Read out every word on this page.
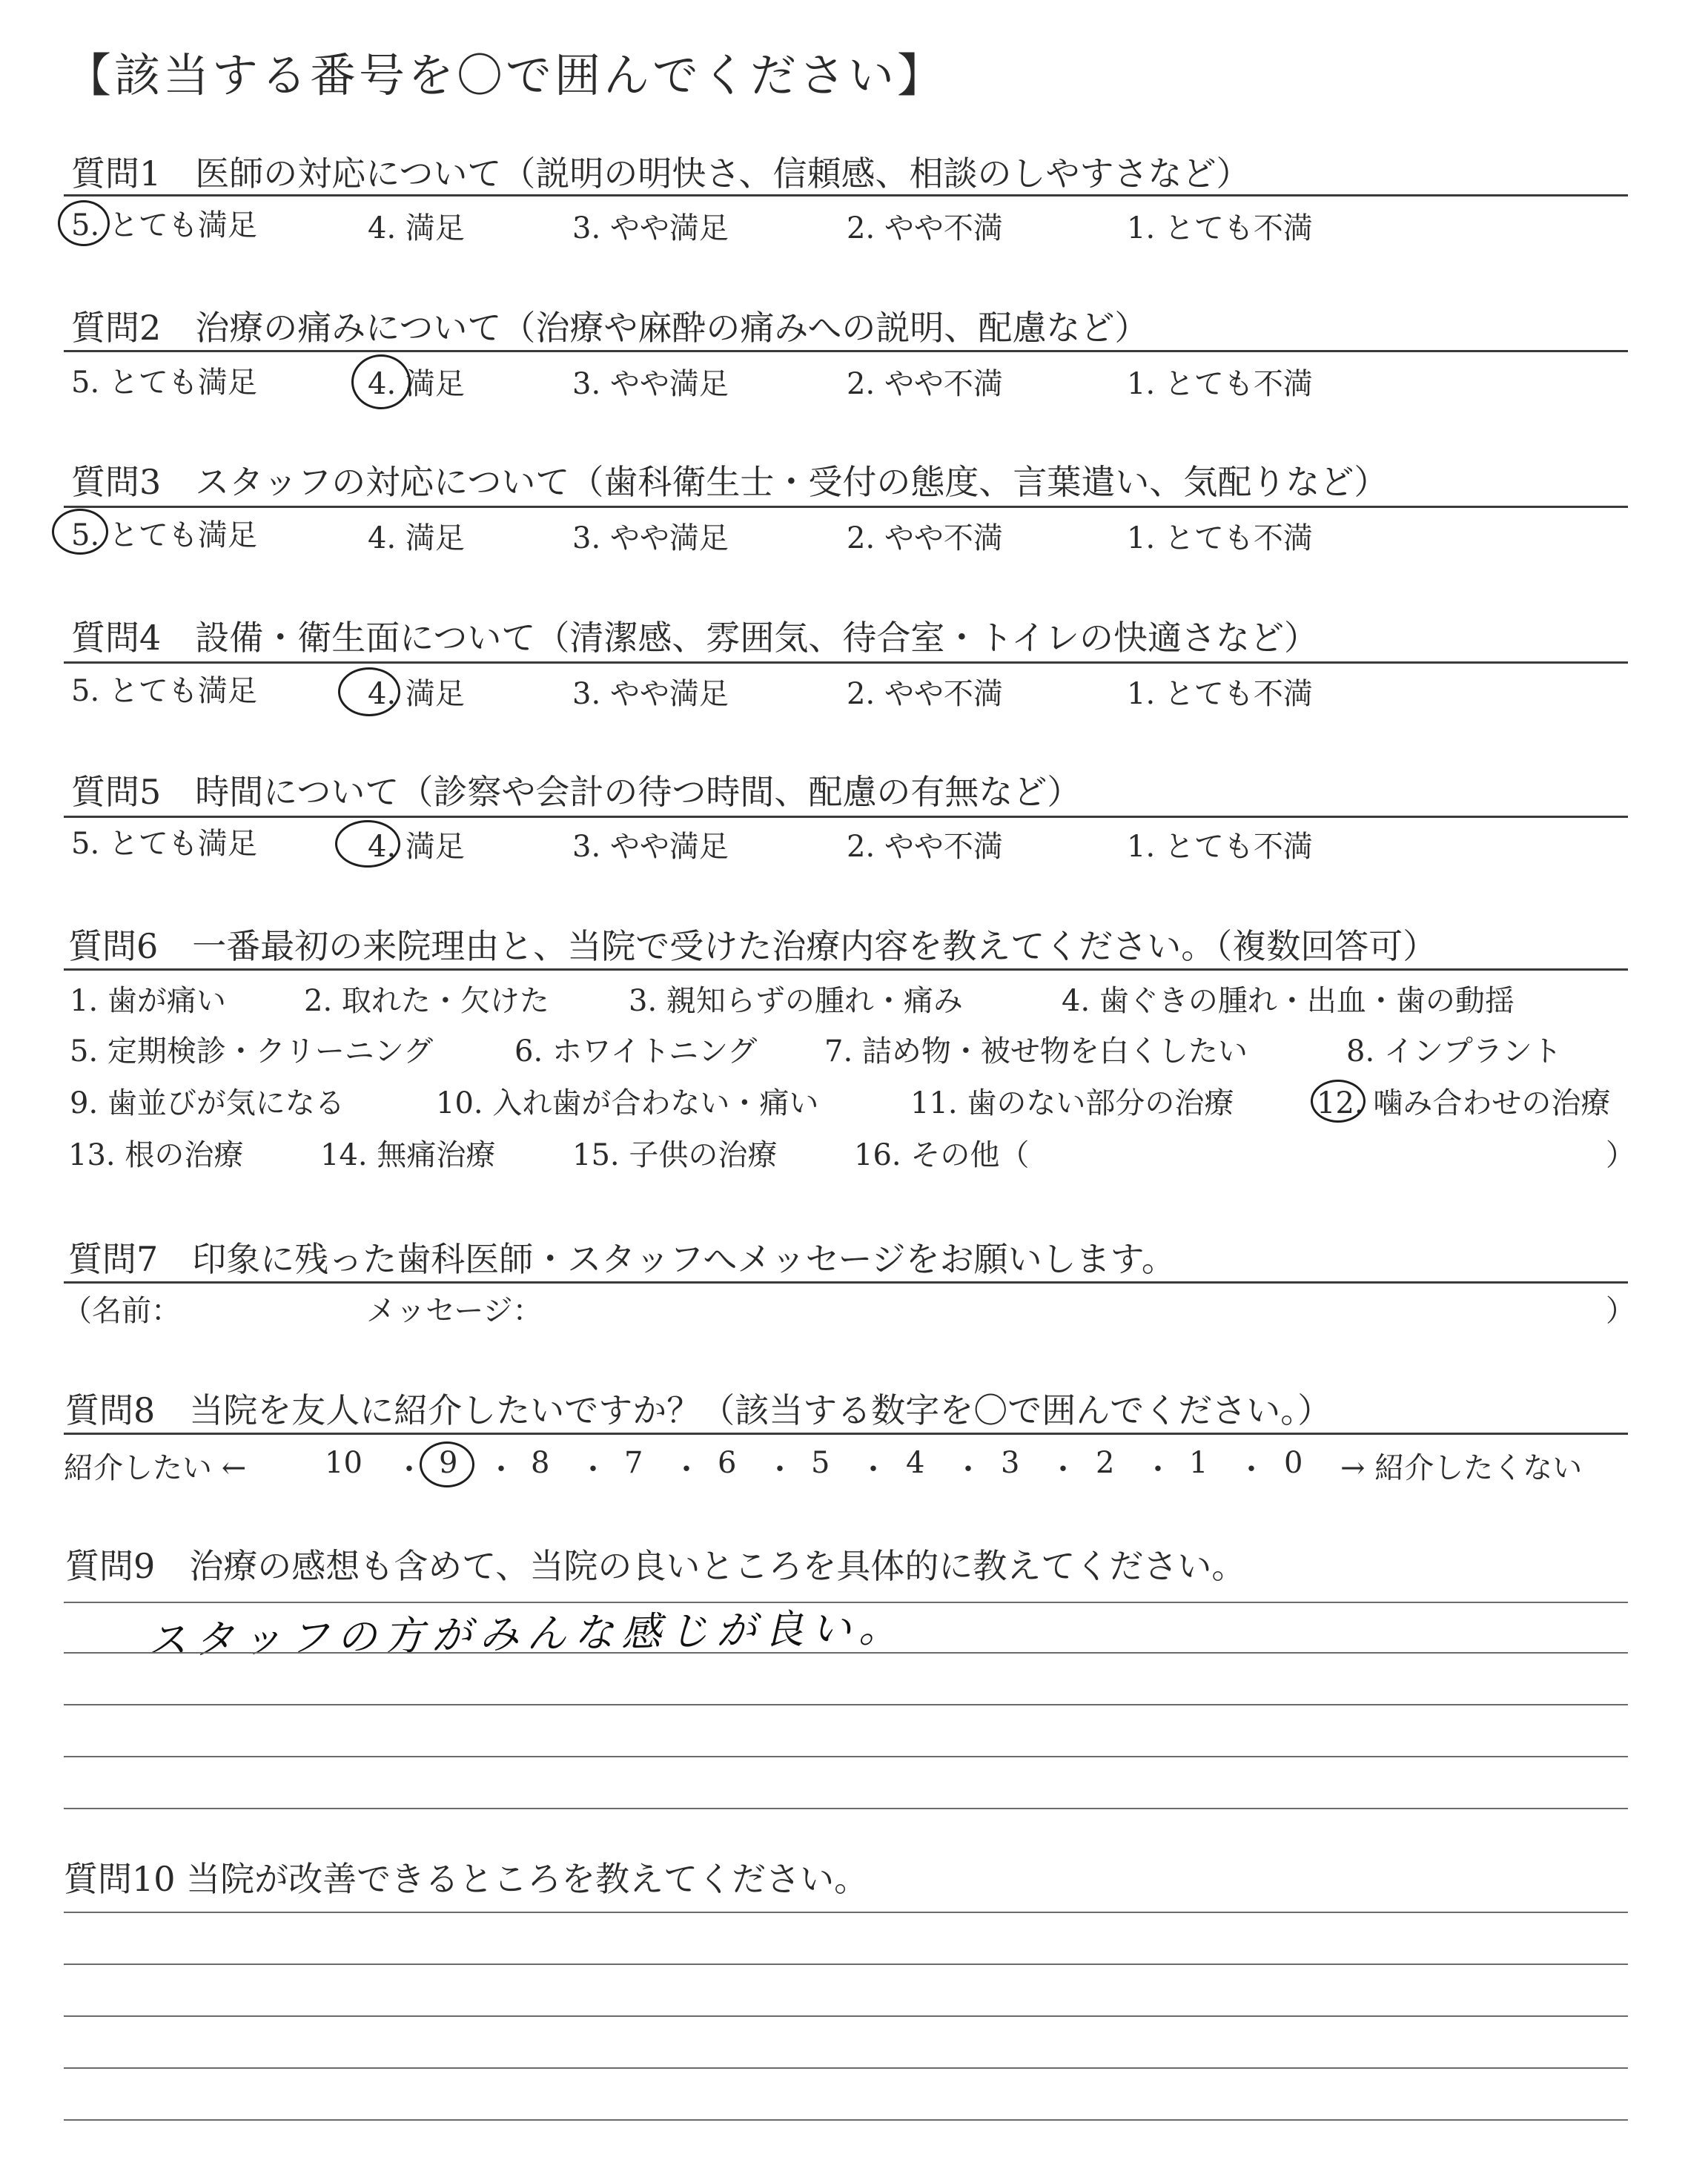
【該当する番号を〇で囲んでください】
質問1　医師の対応について（説明の明快さ、信頼感、相談のしやすさなど）
5. とても満足	4. 満足	3. やや満足	2. やや不満	1. とても不満
質問2　治療の痛みについて（治療や麻酔の痛みへの説明、配慮など）
5. とても満足	4. 満足	3. やや満足	2. やや不満	1. とても不満
質問3　スタッフの対応について（歯科衛生士・受付の態度、言葉遣い、気配りなど）
5. とても満足	4. 満足	3. やや満足	2. やや不満	1. とても不満
質問4　設備・衛生面について（清潔感、雰囲気、待合室・トイレの快適さなど）
5. とても満足	4. 満足	3. やや満足	2. やや不満	1. とても不満
質問5　時間について（診察や会計の待つ時間、配慮の有無など）
5. とても満足	4. 満足	3. やや満足	2. やや不満	1. とても不満
質問6　一番最初の来院理由と、当院で受けた治療内容を教えてください。（複数回答可）
1. 歯が痛い	2. 取れた・欠けた	3. 親知らずの腫れ・痛み	4. 歯ぐきの腫れ・出血・歯の動揺
5. 定期検診・クリーニング	6. ホワイトニング 7. 詰め物・被せ物を白くしたい	8. インプラント
9. 歯並びが気になる	10. 入れ歯が合わない・痛い	11. 歯のない部分の治療	12. 噛み合わせの治療
13. 根の治療	14. 無痛治療	15. 子供の治療	16. その他（	）
質問7　印象に残った歯科医師・スタッフへメッセージをお願いします。
（名前：	メッセージ：	）
質問8　当院を友人に紹介したいですか？（該当する数字を〇で囲んでください。）
紹介したい ←	10 ・ 9 ・ 8 ・ 7 ・ 6 ・ 5 ・ 4 ・ 3 ・ 2 ・ 1 ・ 0 → 紹介したくない
質問9　治療の感想も含めて、当院の良いところを具体的に教えてください。
スタッフの方がみんな感じが良い。
質問10 当院が改善できるところを教えてください。
